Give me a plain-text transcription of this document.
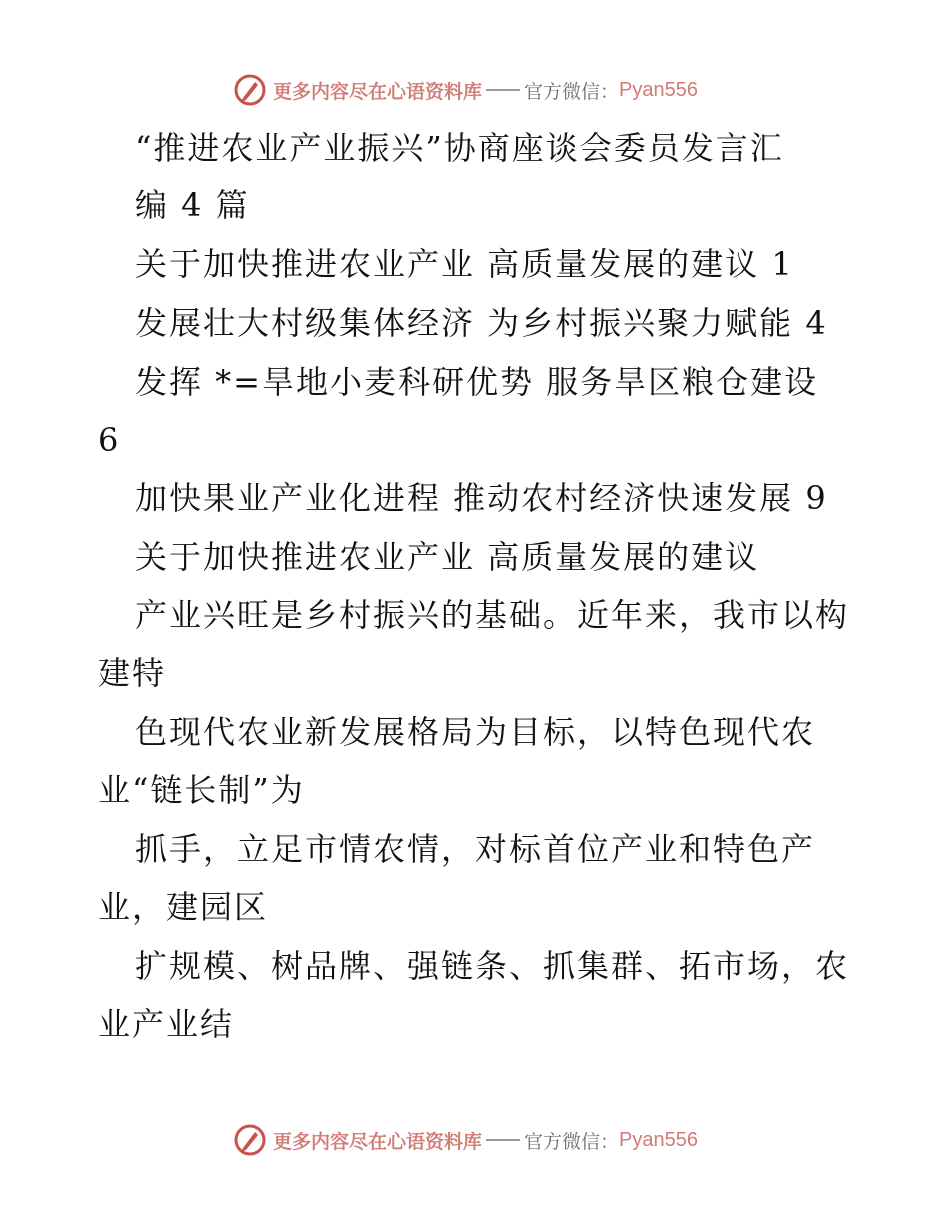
更多内容尽在心语资料库 官方微信： Pyan556
“推进农业产业振兴”协商座谈会委员发言汇
编 4 篇
关于加快推进农业产业 高质量发展的建议 1
发展壮大村级集体经济 为乡村振兴聚力赋能 4
发挥 *=旱地小麦科研优势 服务旱区粮仓建设
6
加快果业产业化进程 推动农村经济快速发展 9
关于加快推进农业产业 高质量发展的建议
产业兴旺是乡村振兴的基础。近年来，我市以构
建特
色现代农业新发展格局为目标，以特色现代农
业“链长制”为
抓手，立足市情农情，对标首位产业和特色产
业，建园区
扩规模、树品牌、强链条、抓集群、拓市场，农
业产业结
更多内容尽在心语资料库 官方微信： Pyan556
